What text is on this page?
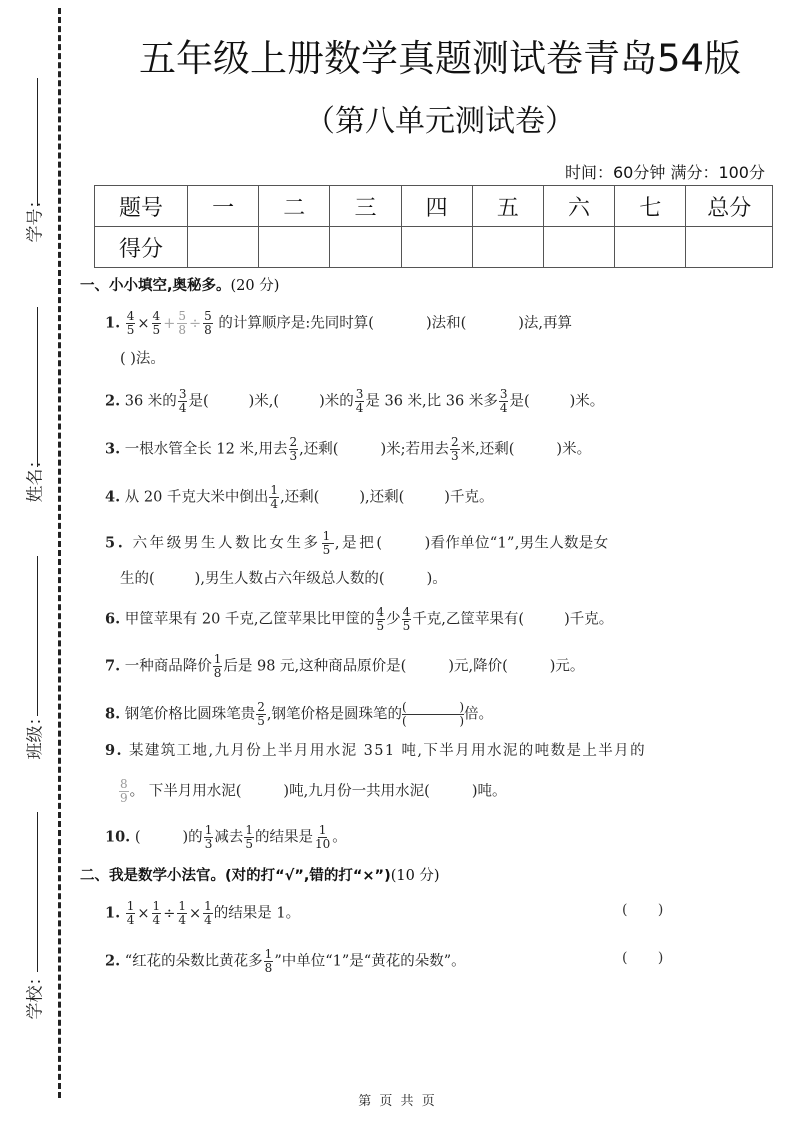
学号：
姓名：
班级：
学校：
五年级上册数学真题测试卷青岛54版
（第八单元测试卷）
时间：60分钟 满分：100分
题号	一	二	三	四	五	六	七	总分
得分								
一、小小填空,奥秘多。(20 分)
1. $\frac{4}{5} \times \frac{4}{5} + \frac{5}{8} \div \frac{5}{8}$ 的计算顺序是:先同时算(	)法和(	)法,再算
( )法。
2. 36 米的 $\frac{3}{4}$ 是(	)米,(	)米的 $\frac{3}{4}$ 是 36 米,比 36 米多 $\frac{3}{4}$ 是(	)米。
3. 一根水管全长 12 米,用去 $\frac{2}{3}$ ,还剩(	)米;若用去 $\frac{2}{3}$ 米,还剩(	)米。
4. 从 20 千克大米中倒出 $\frac{1}{4}$ ,还剩(	),还剩(	)千克。
5. 六年级男生人数比女生多 $\frac{1}{5}$ ,是把(	)看作单位“1”,男生人数是女
生的(	),男生人数占六年级总人数的(	)。
6. 甲筐苹果有 20 千克,乙筐苹果比甲筐的 $\frac{4}{5}$ 少 $\frac{4}{5}$ 千克,乙筐苹果有(	)千克。
7. 一种商品降价 $\frac{1}{8}$ 后是 98 元,这种商品原价是(	)元,降价(	)元。
8. 钢笔价格比圆珠笔贵 $\frac{2}{5}$ ,钢笔价格是圆珠笔的 (	)
(	) 倍。
9. 某建筑工地,九月份上半月用水泥 351 吨,下半月用水泥的吨数是上半月的
$\frac{8}{9}$ 。 下半月用水泥(	)吨,九月份一共用水泥(	)吨。
10. (	)的 $\frac{1}{3}$ 减去 $\frac{1}{5}$ 的结果是 $\frac{1}{10}$ 。
二、我是数学小法官。(对的打“√”,错的打“×”)(10 分)
1. $\frac{1}{4} \times \frac{1}{4} \div \frac{1}{4} \times \frac{1}{4}$ 的结果是 1。	( )
2. “红花的朵数比黄花多 $\frac{1}{8}$ ”中单位“1”是“黄花的朵数”。	( )
第 页 共 页
